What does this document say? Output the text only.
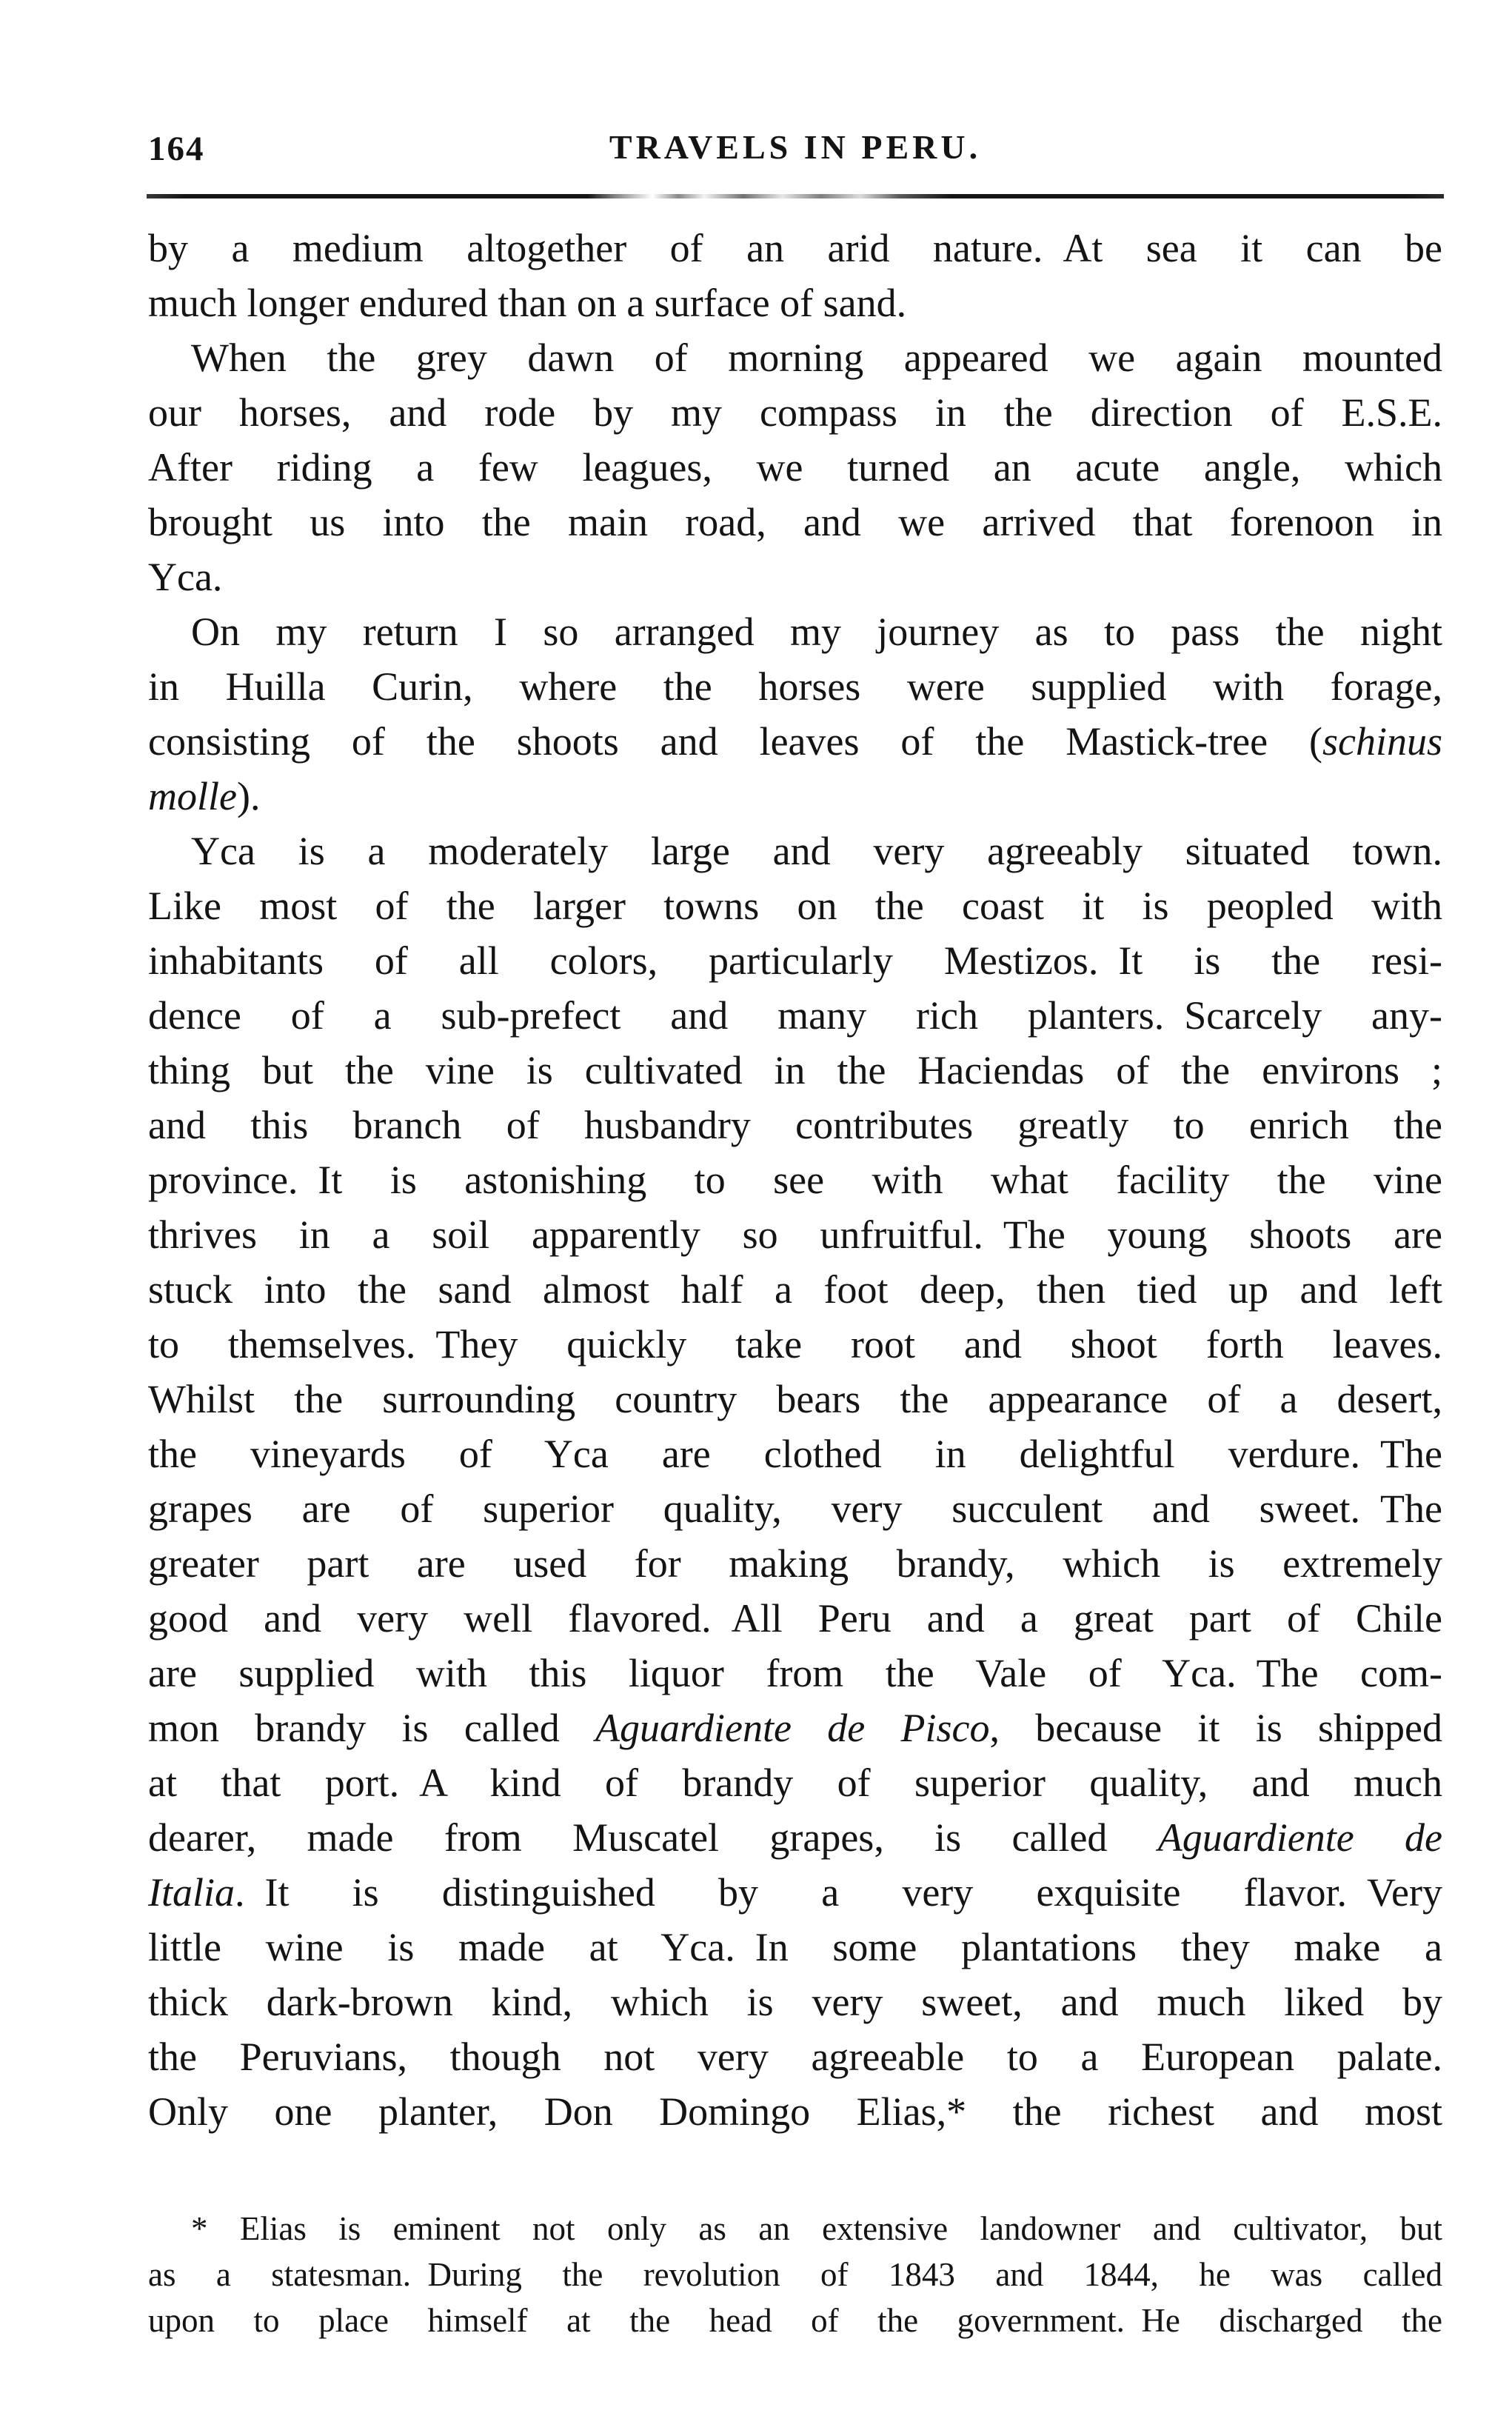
164	TRAVELS IN PERU.
by a medium altogether of an arid nature. At sea it can be
much longer endured than on a surface of sand.
When the grey dawn of morning appeared we again mounted
our horses, and rode by my compass in the direction of E.S.E.
After riding a few leagues, we turned an acute angle, which
brought us into the main road, and we arrived that forenoon in
Yca.
On my return I so arranged my journey as to pass the night
in Huilla Curin, where the horses were supplied with forage,
consisting of the shoots and leaves of the Mastick-tree (schinus
molle).
Yca is a moderately large and very agreeably situated town.
Like most of the larger towns on the coast it is peopled with
inhabitants of all colors, particularly Mestizos. It is the resi-
dence of a sub-prefect and many rich planters. Scarcely any-
thing but the vine is cultivated in the Haciendas of the environs ;
and this branch of husbandry contributes greatly to enrich the
province. It is astonishing to see with what facility the vine
thrives in a soil apparently so unfruitful. The young shoots are
stuck into the sand almost half a foot deep, then tied up and left
to themselves. They quickly take root and shoot forth leaves.
Whilst the surrounding country bears the appearance of a desert,
the vineyards of Yca are clothed in delightful verdure. The
grapes are of superior quality, very succulent and sweet. The
greater part are used for making brandy, which is extremely
good and very well flavored. All Peru and a great part of Chile
are supplied with this liquor from the Vale of Yca. The com-
mon brandy is called Aguardiente de Pisco, because it is shipped
at that port. A kind of brandy of superior quality, and much
dearer, made from Muscatel grapes, is called Aguardiente de
Italia. It is distinguished by a very exquisite flavor. Very
little wine is made at Yca. In some plantations they make a
thick dark-brown kind, which is very sweet, and much liked by
the Peruvians, though not very agreeable to a European palate.
Only one planter, Don Domingo Elias,* the richest and most
* Elias is eminent not only as an extensive landowner and cultivator, but
as a statesman. During the revolution of 1843 and 1844, he was called
upon to place himself at the head of the government. He discharged the
